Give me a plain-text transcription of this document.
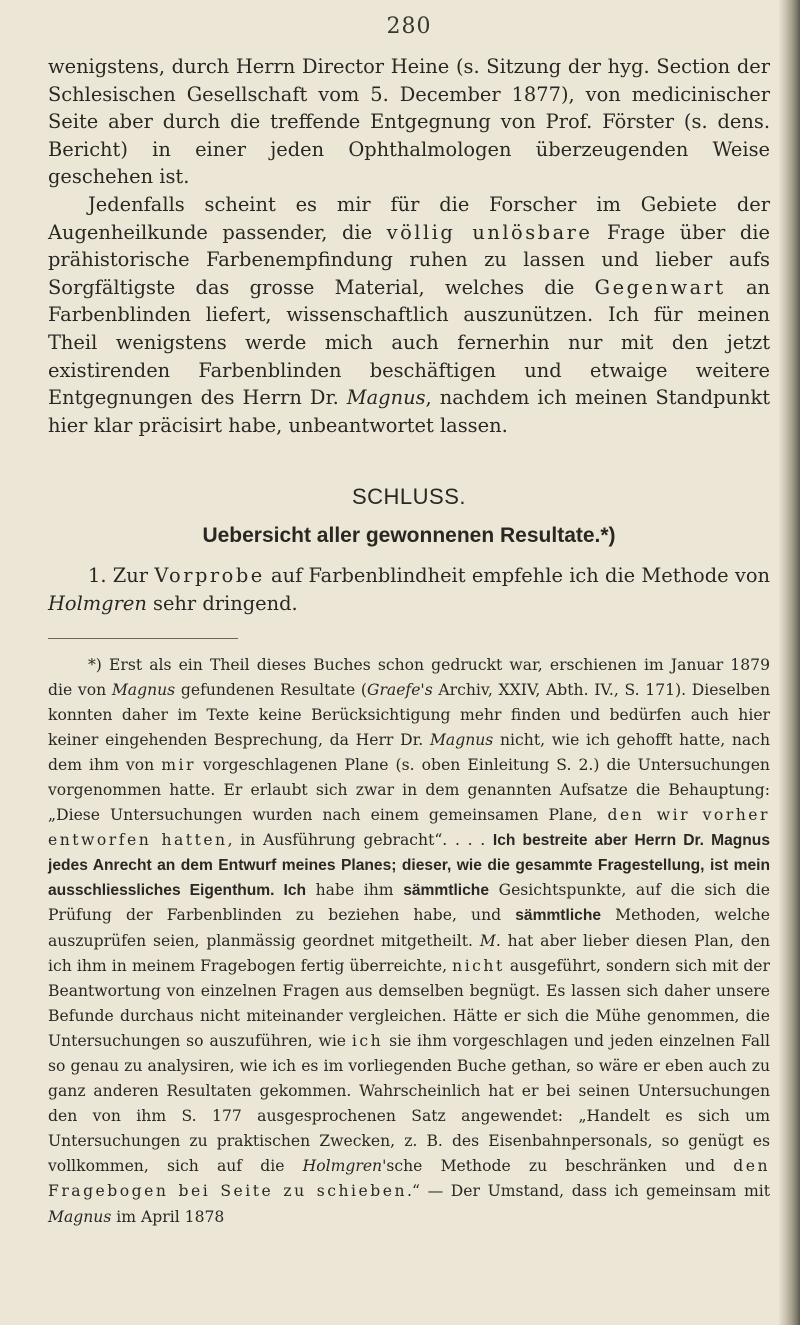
280

wenigstens, durch Herrn Director Heine (s. Sitzung der hyg. Section der Schlesischen Gesellschaft vom 5. December 1877), von medicinischer Seite aber durch die treffende Entgegnung von Prof. Förster (s. dens. Bericht) in einer jeden Ophthalmologen überzeugenden Weise geschehen ist.

Jedenfalls scheint es mir für die Forscher im Gebiete der Augenheilkunde passender, die völlig unlösbare Frage über die prähistorische Farbenempfindung ruhen zu lassen und lieber aufs Sorgfältigste das grosse Material, welches die Gegenwart an Farbenblinden liefert, wissenschaftlich auszunützen. Ich für meinen Theil wenigstens werde mich auch fernerhin nur mit den jetzt existirenden Farbenblinden beschäftigen und etwaige weitere Entgegnungen des Herrn Dr. Magnus, nachdem ich meinen Standpunkt hier klar präcisirt habe, unbeantwortet lassen.

SCHLUSS.
Uebersicht aller gewonnenen Resultate.*)

1. Zur Vorprobe auf Farbenblindheit empfehle ich die Methode von Holmgren sehr dringend.

*) Erst als ein Theil dieses Buches schon gedruckt war, erschienen im Januar 1879 die von Magnus gefundenen Resultate (Graefe's Archiv, XXIV, Abth. IV., S. 171). Dieselben konnten daher im Texte keine Berücksichtigung mehr finden und bedürfen auch hier keiner eingehenden Besprechung, da Herr Dr. Magnus nicht, wie ich gehofft hatte, nach dem ihm von mir vorgeschlagenen Plane (s. oben Einleitung S. 2.) die Untersuchungen vorgenommen hatte. Er erlaubt sich zwar in dem genannten Aufsatze die Behauptung: „Diese Untersuchungen wurden nach einem gemeinsamen Plane, den wir vorher entworfen hatten, in Ausführung gebracht“. . . . Ich bestreite aber Herrn Dr. Magnus jedes Anrecht an dem Entwurf meines Planes; dieser, wie die gesammte Fragestellung, ist mein ausschliessliches Eigenthum. Ich habe ihm sämmtliche Gesichtspunkte, auf die sich die Prüfung der Farbenblinden zu beziehen habe, und sämmtliche Methoden, welche auszuprüfen seien, planmässig geordnet mitgetheilt. M. hat aber lieber diesen Plan, den ich ihm in meinem Fragebogen fertig überreichte, nicht ausgeführt, sondern sich mit der Beantwortung von einzelnen Fragen aus demselben begnügt. Es lassen sich daher unsere Befunde durchaus nicht miteinander vergleichen. Hätte er sich die Mühe genommen, die Untersuchungen so auszuführen, wie ich sie ihm vorgeschlagen und jeden einzelnen Fall so genau zu analysiren, wie ich es im vorliegenden Buche gethan, so wäre er eben auch zu ganz anderen Resultaten gekommen. Wahrscheinlich hat er bei seinen Untersuchungen den von ihm S. 177 ausgesprochenen Satz angewendet: „Handelt es sich um Untersuchungen zu praktischen Zwecken, z. B. des Eisenbahnpersonals, so genügt es vollkommen, sich auf die Holmgren'sche Methode zu beschränken und den Fragebogen bei Seite zu schieben.“ — Der Umstand, dass ich gemeinsam mit Magnus im April 1878
